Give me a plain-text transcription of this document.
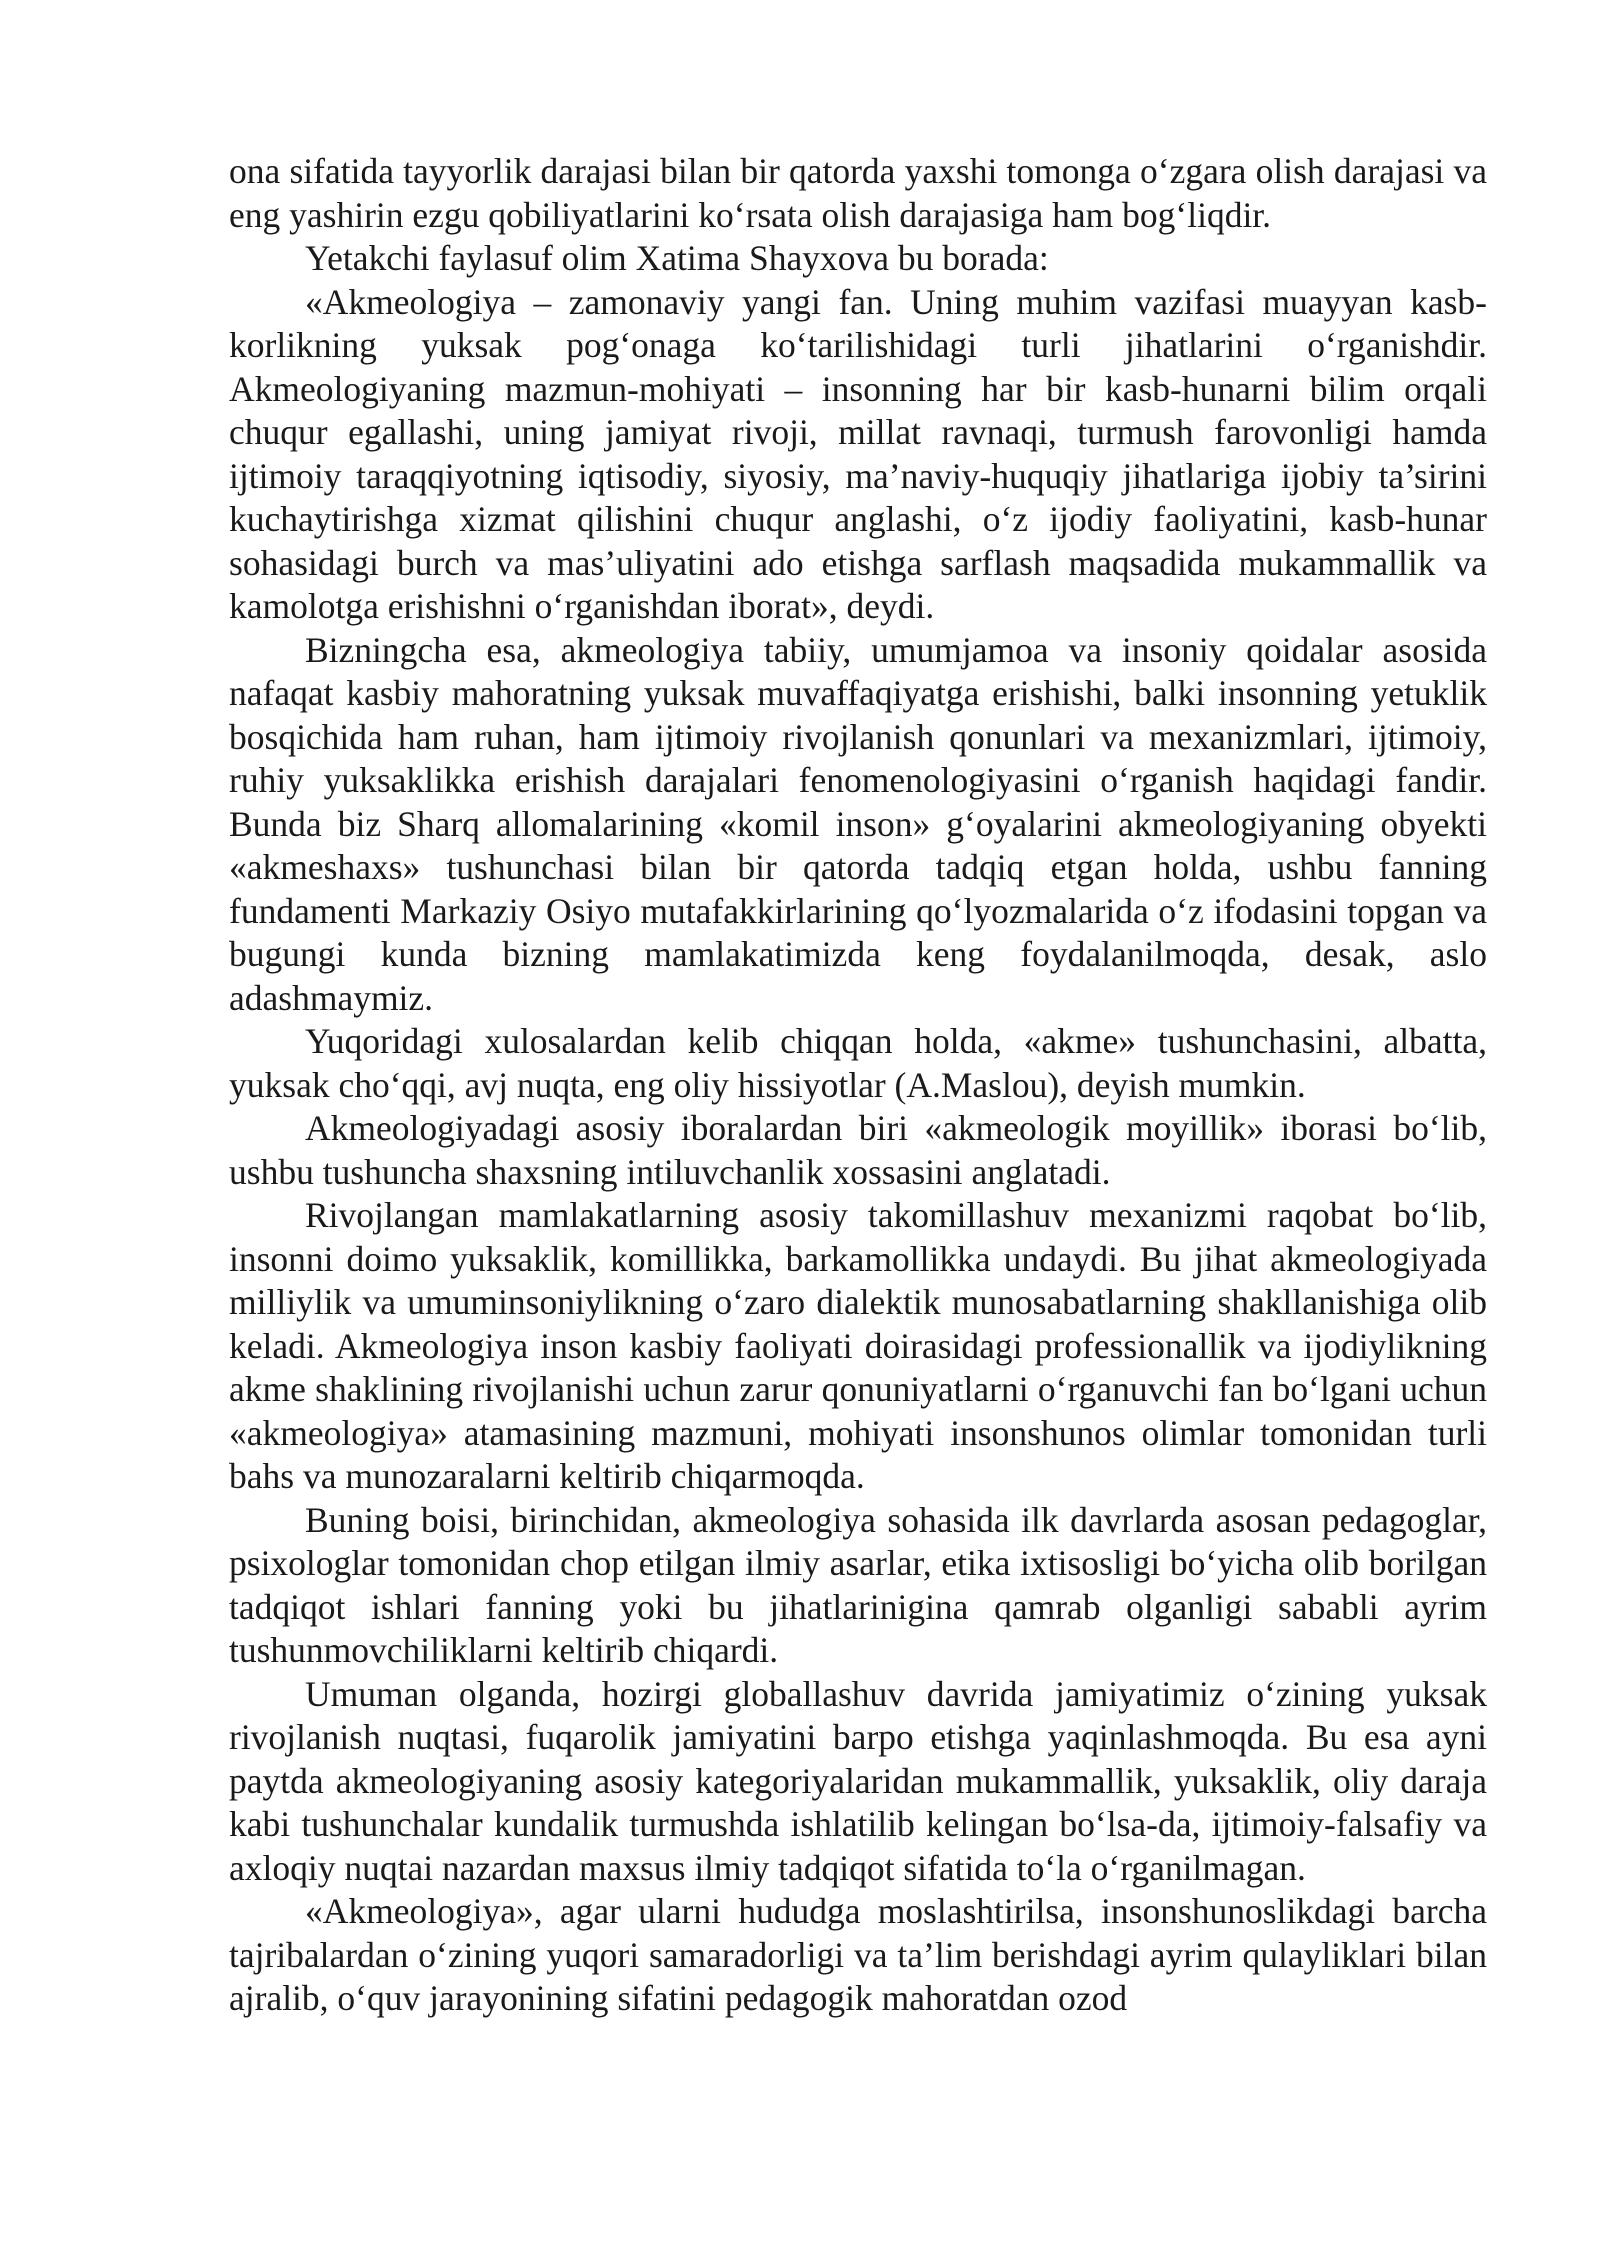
ona sifatida tayyorlik darajasi bilan bir qatorda yaxshi tomonga o‘zgara olish darajasi va eng yashirin ezgu qobiliyatlarini ko‘rsata olish darajasiga ham bog‘liqdir.

Yetakchi faylasuf olim Xatima Shayxova bu borada:

«Akmeologiya – zamonaviy yangi fan. Uning muhim vazifasi muayyan kasb-korlikning yuksak pog‘onaga ko‘tarilishidagi turli jihatlarini o‘rganishdir. Akmeologiyaning mazmun-mohiyati – insonning har bir kasb-hunarni bilim orqali chuqur egallashi, uning jamiyat rivoji, millat ravnaqi, turmush farovonligi hamda ijtimoiy taraqqiyotning iqtisodiy, siyosiy, ma’naviy-huquqiy jihatlariga ijobiy ta’sirini kuchaytirishga xizmat qilishini chuqur anglashi, o‘z ijodiy faoliyatini, kasb-hunar sohasidagi burch va mas’uliyatini ado etishga sarflash maqsadida mukammallik va kamolotga erishishni o‘rganishdan iborat», deydi.

Bizningcha esa, akmeologiya tabiiy, umumjamoa va insoniy qoidalar asosida nafaqat kasbiy mahoratning yuksak muvaffaqiyatga erishishi, balki insonning yetuklik bosqichida ham ruhan, ham ijtimoiy rivojlanish qonunlari va mexanizmlari, ijtimoiy, ruhiy yuksaklikka erishish darajalari fenomenologiyasini o‘rganish haqidagi fandir. Bunda biz Sharq allomalarining «komil inson» g‘oyalarini akmeologiyaning obyekti «akmeshaxs» tushunchasi bilan bir qatorda tadqiq etgan holda, ushbu fanning fundamenti Markaziy Osiyo mutafakkirlarining qo‘lyozmalarida o‘z ifodasini topgan va bugungi kunda bizning mamlakatimizda keng foydalanilmoqda, desak, aslo adashmaymiz.

Yuqoridagi xulosalardan kelib chiqqan holda, «akme» tushunchasini, albatta, yuksak cho‘qqi, avj nuqta, eng oliy hissiyotlar (A.Maslou), deyish mumkin.

Akmeologiyadagi asosiy iboralardan biri «akmeologik moyillik» iborasi bo‘lib, ushbu tushuncha shaxsning intiluvchanlik xossasini anglatadi.

Rivojlangan mamlakatlarning asosiy takomillashuv mexanizmi raqobat bo‘lib, insonni doimo yuksaklik, komillikka, barkamollikka undaydi. Bu jihat akmeologiyada milliylik va umuminsoniylikning o‘zaro dialektik munosabatlarning shakllanishiga olib keladi. Akmeologiya inson kasbiy faoliyati doirasidagi professionallik va ijodiylikning akme shaklining rivojlanishi uchun zarur qonuniyatlarni o‘rganuvchi fan bo‘lgani uchun «akmeologiya» atamasining mazmuni, mohiyati insonshunos olimlar tomonidan turli bahs va munozaralarni keltirib chiqarmoqda.

Buning boisi, birinchidan, akmeologiya sohasida ilk davrlarda asosan pedagoglar, psixologlar tomonidan chop etilgan ilmiy asarlar, etika ixtisosligi bo‘yicha olib borilgan tadqiqot ishlari fanning yoki bu jihatlarinigina qamrab olganligi sababli ayrim tushunmovchiliklarni keltirib chiqardi.

Umuman olganda, hozirgi globallashuv davrida jamiyatimiz o‘zining yuksak rivojlanish nuqtasi, fuqarolik jamiyatini barpo etishga yaqinlashmoqda. Bu esa ayni paytda akmeologiyaning asosiy kategoriyalaridan mukammallik, yuksaklik, oliy daraja kabi tushunchalar kundalik turmushda ishlatilib kelingan bo‘lsa-da, ijtimoiy-falsafiy va axloqiy nuqtai nazardan maxsus ilmiy tadqiqot sifatida to‘la o‘rganilmagan.

«Akmeologiya», agar ularni hududga moslashtirilsa, insonshunoslikdagi barcha tajribalardan o‘zining yuqori samaradorligi va ta’lim berishdagi ayrim qulayliklari bilan ajralib, o‘quv jarayonining sifatini pedagogik mahoratdan ozod
